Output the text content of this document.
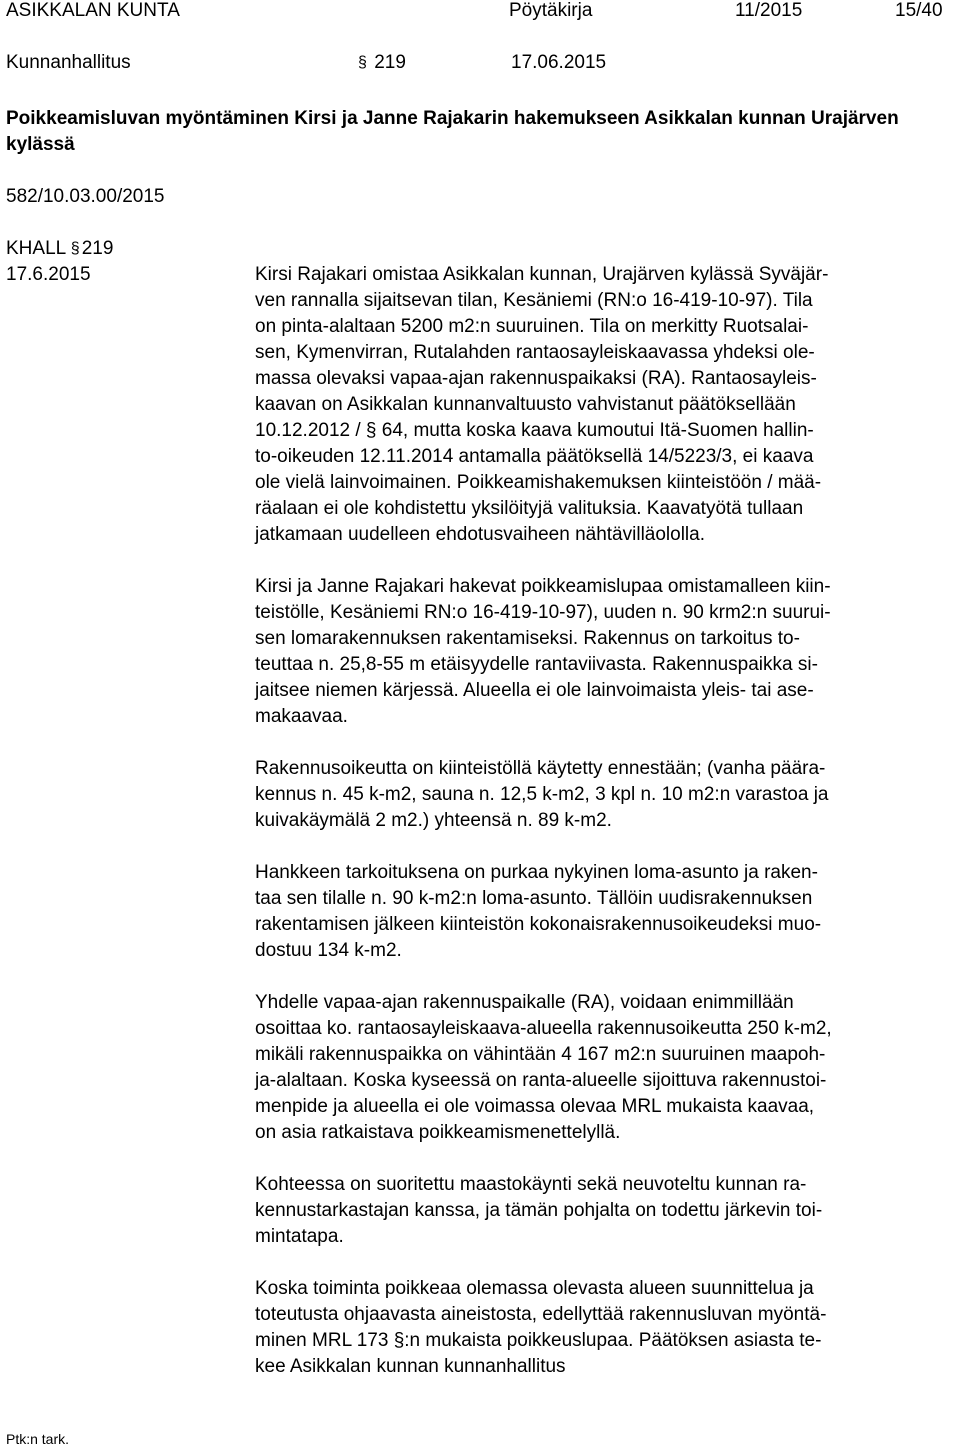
ASIKKALAN KUNTA	Pöytäkirja	11/2015	15/40
Kunnanhallitus	§ 219	17.06.2015
Poikkeamisluvan myöntäminen Kirsi ja Janne Rajakarin hakemukseen Asikkalan kunnan Urajärven kylässä
582/10.03.00/2015
KHALL § 219
17.6.2015	Kirsi Rajakari omistaa Asikkalan kunnan, Urajärven kylässä Syväjär-
ven rannalla sijaitsevan tilan, Kesäniemi (RN:o 16-419-10-97). Tila
on pinta-alaltaan 5200 m2:n suuruinen. Tila on merkitty Ruotsalai-
sen, Kymenvirran, Rutalahden rantaosayleiskaavassa yhdeksi ole-
massa olevaksi vapaa-ajan rakennuspaikaksi (RA). Rantaosayleis-
kaavan on Asikkalan kunnanvaltuusto vahvistanut päätöksellään
10.12.2012 / § 64, mutta koska kaava kumoutui Itä-Suomen hallin-
to-oikeuden 12.11.2014 antamalla päätöksellä 14/5223/3, ei kaava
ole vielä lainvoimainen. Poikkeamishakemuksen kiinteistöön / mää-
räalaan ei ole kohdistettu yksilöityjä valituksia. Kaavatyötä tullaan
jatkamaan uudelleen ehdotusvaiheen nähtävilläololla.

Kirsi ja Janne Rajakari hakevat poikkeamislupaa omistamalleen kiin-
teistölle, Kesäniemi RN:o 16-419-10-97), uuden n. 90 krm2:n suurui-
sen lomarakennuksen rakentamiseksi. Rakennus on tarkoitus to-
teuttaa n. 25,8-55 m etäisyydelle rantaviivasta. Rakennuspaikka si-
jaitsee niemen kärjessä. Alueella ei ole lainvoimaista yleis- tai ase-
makaavaa.

Rakennusoikeutta on kiinteistöllä käytetty ennestään; (vanha päära-
kennus n. 45 k-m2, sauna n. 12,5 k-m2, 3 kpl n. 10 m2:n varastoa ja
kuivakäymälä 2 m2.) yhteensä n. 89 k-m2.

Hankkeen tarkoituksena on purkaa nykyinen loma-asunto ja raken-
taa sen tilalle n. 90 k-m2:n loma-asunto. Tällöin uudisrakennuksen
rakentamisen jälkeen kiinteistön kokonaisrakennusoikeudeksi muo-
dostuu 134 k-m2.

Yhdelle vapaa-ajan rakennuspaikalle (RA), voidaan enimmillään
osoittaa ko. rantaosayleiskaava-alueella rakennusoikeutta 250 k-m2,
mikäli rakennuspaikka on vähintään 4 167 m2:n suuruinen maapoh-
ja-alaltaan. Koska kyseessä on ranta-alueelle sijoittuva rakennustoi-
menpide ja alueella ei ole voimassa olevaa MRL mukaista kaavaa,
on asia ratkaistava poikkeamismenettelyllä.

Kohteessa on suoritettu maastokäynti sekä neuvoteltu kunnan ra-
kennustarkastajan kanssa, ja tämän pohjalta on todettu järkevin toi-
mintatapa.

Koska toiminta poikkeaa olemassa olevasta alueen suunnittelua ja
toteutusta ohjaavasta aineistosta, edellyttää rakennusluvan myöntä-
minen MRL 173 §:n mukaista poikkeuslupaa. Päätöksen asiasta te-
kee Asikkalan kunnan kunnanhallitus

Ptk:n tark.
